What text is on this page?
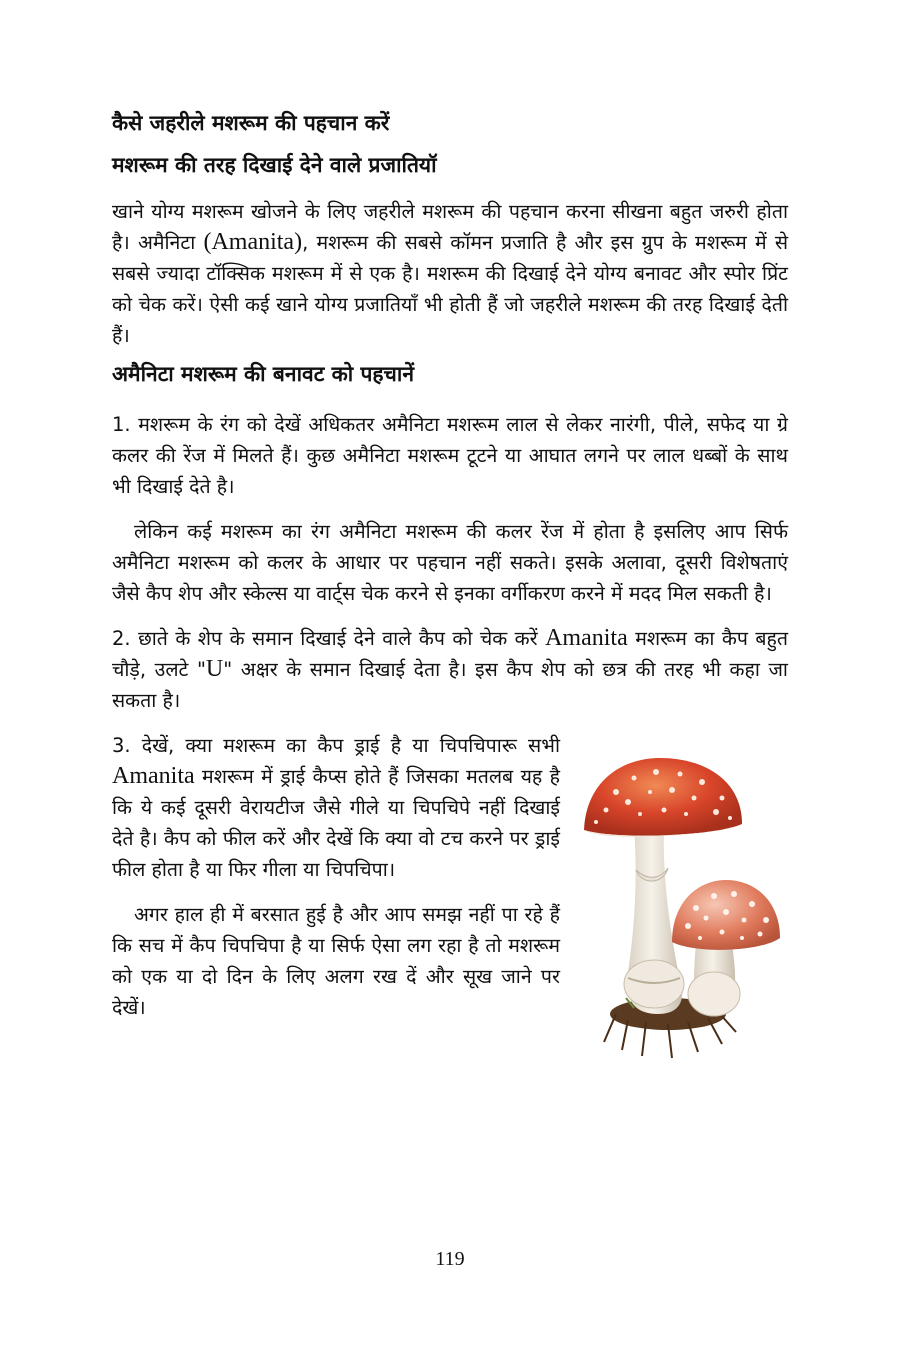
कैसे जहरीले मशरूम की पहचान करें
मशरूम की तरह दिखाई देने वाले प्रजातियॉ

खाने योग्य मशरूम खोजने के लिए जहरीले मशरूम की पहचान करना सीखना बहुत जरुरी होता है। अमैनिटा (Amanita), मशरूम की सबसे कॉमन प्रजाति है और इस ग्रुप के मशरूम में से सबसे ज्यादा टॉक्सिक मशरूम में से एक है। मशरूम की दिखाई देने योग्य बनावट और स्पोर प्रिंट को चेक करें। ऐसी कई खाने योग्य प्रजातियाँ भी होती हैं जो जहरीले मशरूम की तरह दिखाई देती हैं।

अमैनिटा मशरूम की बनावट को पहचानें

1. मशरूम के रंग को देखें अधिकतर अमैनिटा मशरूम लाल से लेकर नारंगी, पीले, सफेद या ग्रे कलर की रेंज में मिलते हैं। कुछ अमैनिटा मशरूम टूटने या आघात लगने पर लाल धब्बों के साथ भी दिखाई देते है।

लेकिन कई मशरूम का रंग अमैनिटा मशरूम की कलर रेंज में होता है इसलिए आप सिर्फ अमैनिटा मशरूम को कलर के आधार पर पहचान नहीं सकते। इसके अलावा, दूसरी विशेषताएं जैसे कैप शेप और स्केल्स या वार्ट्स चेक करने से इनका वर्गीकरण करने में मदद मिल सकती है।

2. छाते के शेप के समान दिखाई देने वाले कैप को चेक करें Amanita मशरूम का कैप बहुत चौड़े, उलटे "U" अक्षर के समान दिखाई देता है। इस कैप शेप को छत्र की तरह भी कहा जा सकता है।

3. देखें, क्या मशरूम का कैप ड्राई है या चिपचिपारू सभी Amanita मशरूम में ड्राई कैप्स होते हैं जिसका मतलब यह है कि ये कई दूसरी वेरायटीज जैसे गीले या चिपचिपे नहीं दिखाई देते है। कैप को फील करें और देखें कि क्या वो टच करने पर ड्राई फील होता है या फिर गीला या चिपचिपा।

अगर हाल ही में बरसात हुई है और आप समझ नहीं पा रहे हैं कि सच में कैप चिपचिपा है या सिर्फ ऐसा लग रहा है तो मशरूम को एक या दो दिन के लिए अलग रख दें और सूख जाने पर देखें।

119
